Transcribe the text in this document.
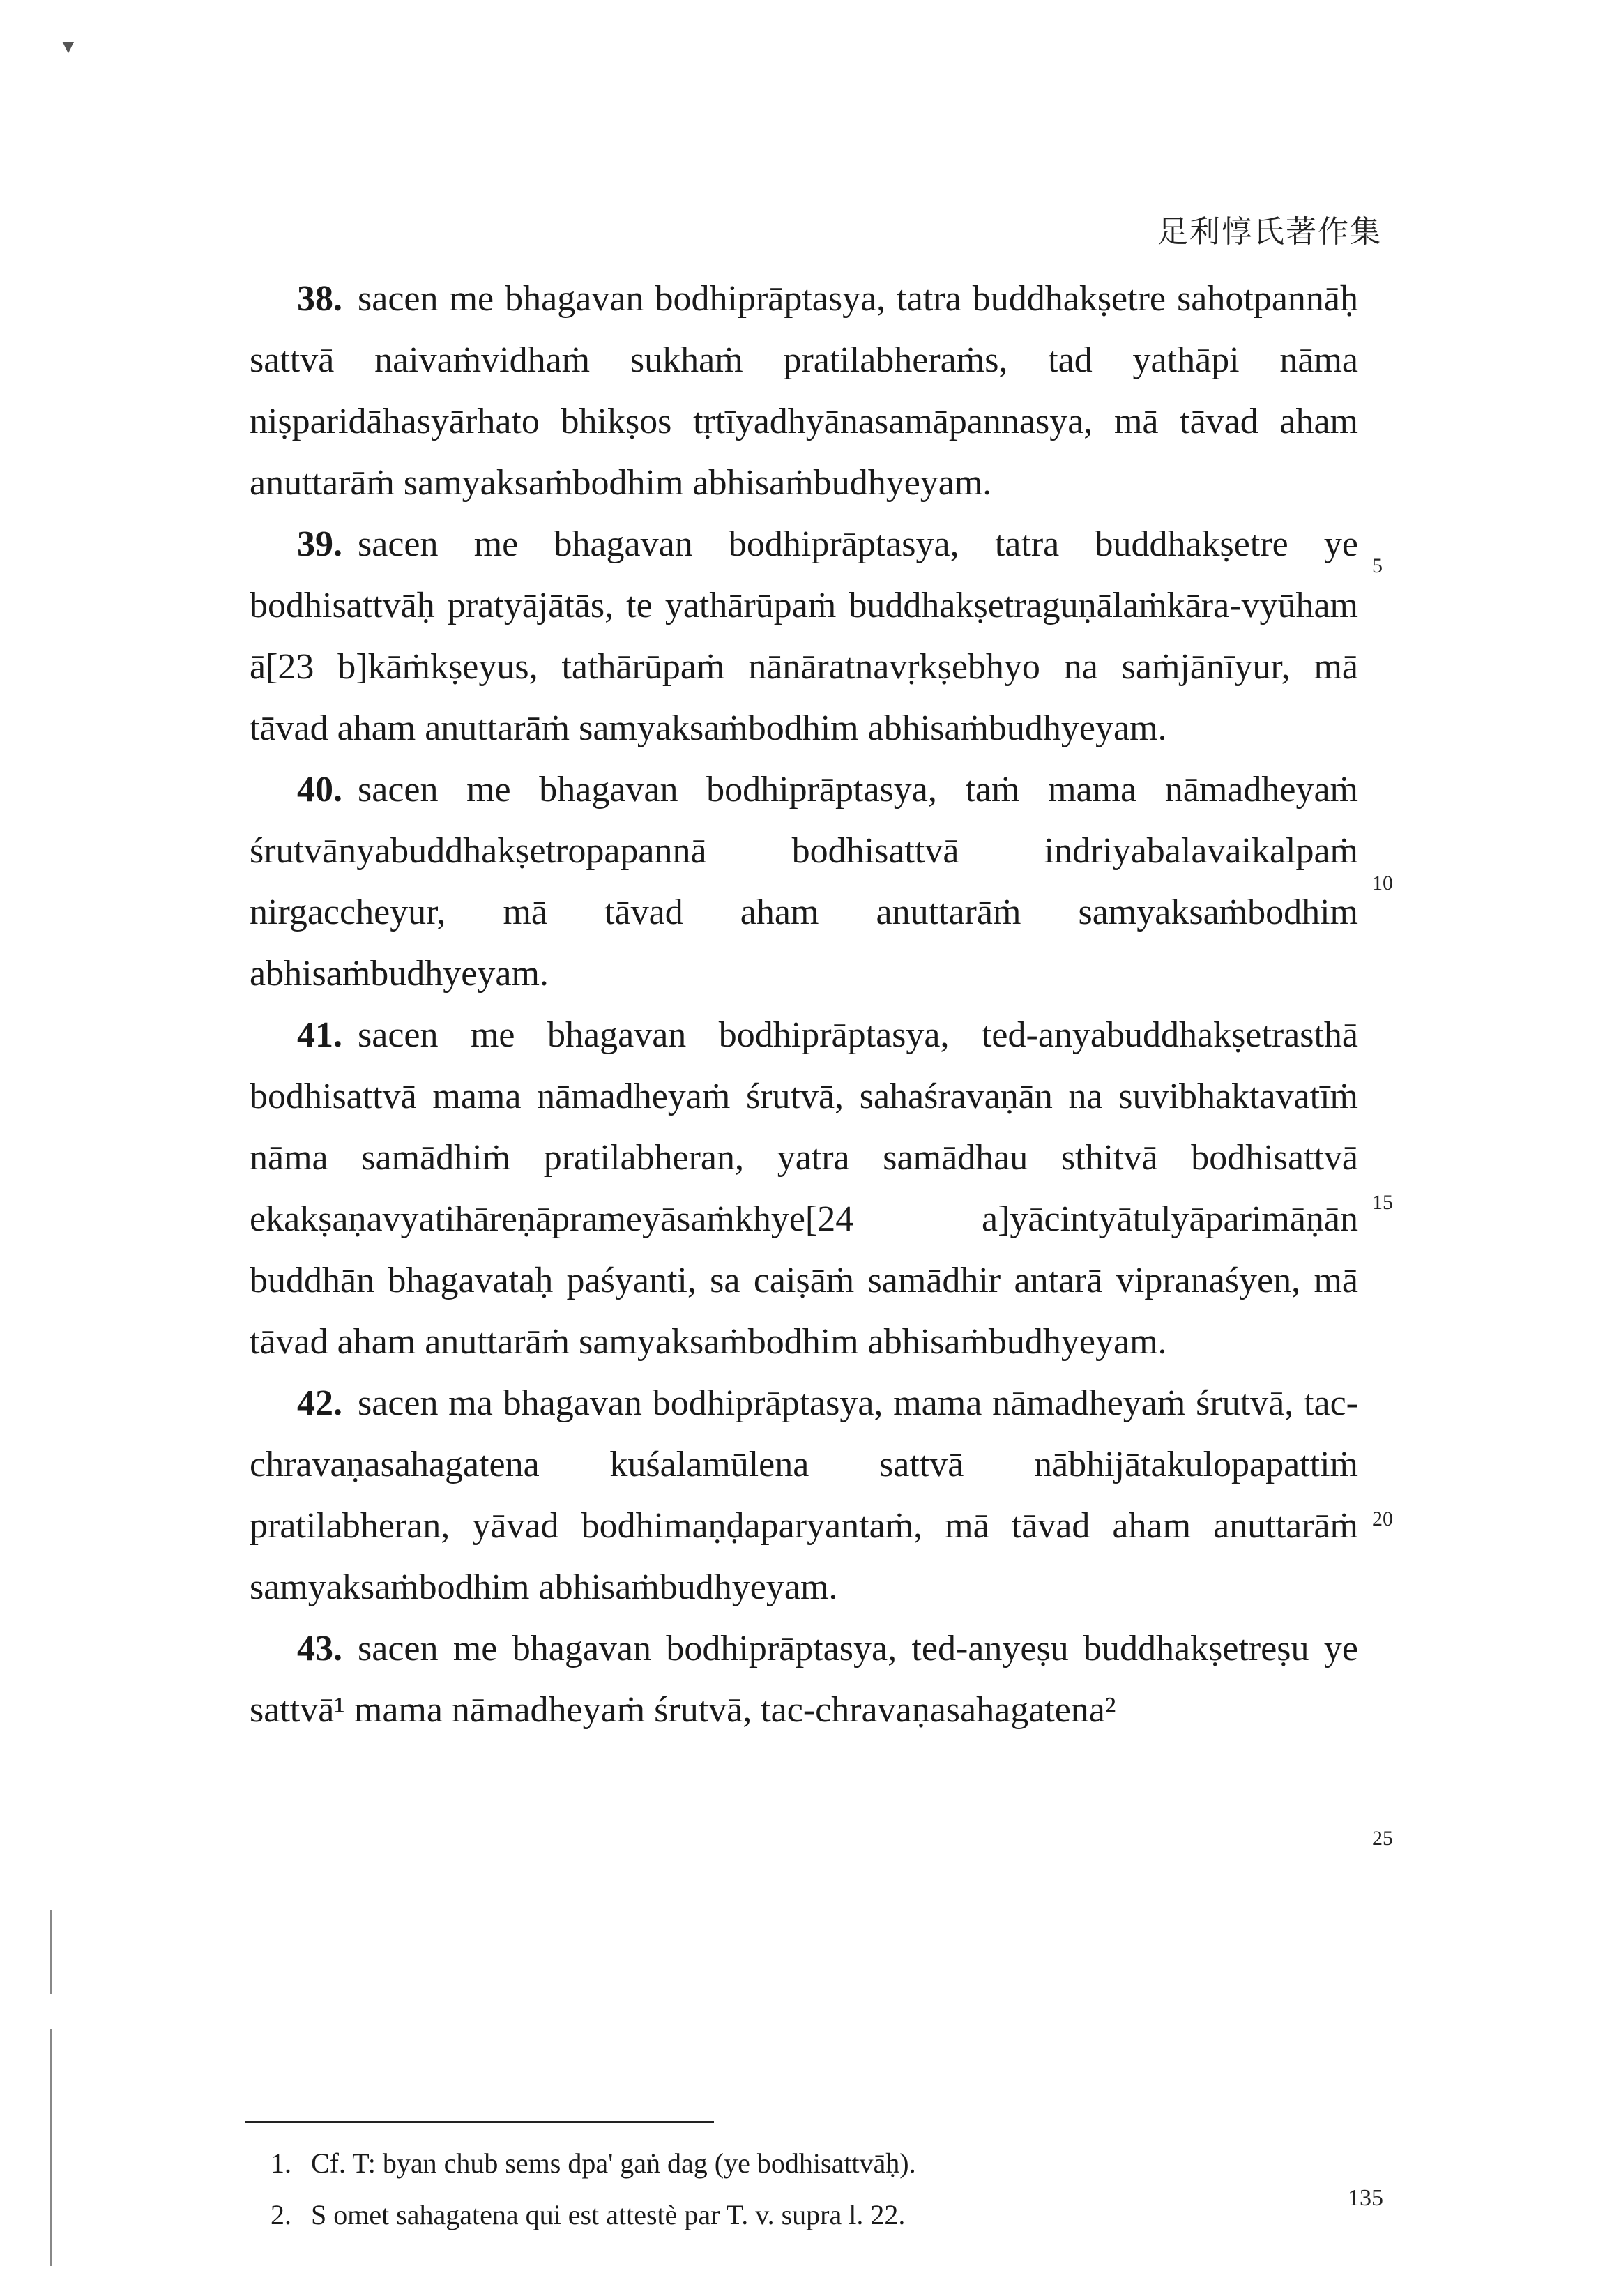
▼
足利惇氏著作集

38. sacen me bhagavan bodhiprāptasya, tatra buddhakṣetre sahotpannāḥ sattvā naivaṁvidhaṁ sukhaṁ pratilabheraṁs, tad yathāpi nāma niṣparidāhasyārhato bhikṣos tṛtīyadhyānasamāpannasya, mā tāvad aham anuttarāṁ samyaksaṁbodhim abhisaṁbudhyeyam.

39. sacen me bhagavan bodhiprāptasya, tatra buddhakṣetre ye bodhisattvāḥ pratyājātās, te yathārūpaṁ buddhakṣetraguṇālaṁkāra-vyūham ā[23 b]kāṁkṣeyus, tathārūpaṁ nānāratnavṛkṣebhyo na saṁjānīyur, mā tāvad aham anuttarāṁ samyaksaṁbodhim abhisaṁbudhyeyam.

40. sacen me bhagavan bodhiprāptasya, taṁ mama nāmadheyaṁ śrutvānyabuddhakṣetropapannā bodhisattvā indriyabalavaikalpaṁ nirgaccheyur, mā tāvad aham anuttarāṁ samyaksaṁbodhim abhisaṁbudhyeyam.

41. sacen me bhagavan bodhiprāptasya, ted-anyabuddhakṣetrasthā bodhisattvā mama nāmadheyaṁ śrutvā, sahaśravaṇān na suvibhaktavatīṁ nāma samādhiṁ pratilabheran, yatra samādhau sthitvā bodhisattvā ekakṣaṇavyatihāreṇāprameyāsaṁkhye[24 a]yācintyātulyāparimāṇān buddhān bhagavataḥ paśyanti, sa caiṣāṁ samādhir antarā vipranaśyen, mā tāvad aham anuttarāṁ samyaksaṁbodhim abhisaṁbudhyeyam.

42. sacen ma bhagavan bodhiprāptasya, mama nāmadheyaṁ śrutvā, tac-chravaṇasahagatena kuśalamūlena sattvā nābhijātakulopapattiṁ pratilabheran, yāvad bodhimaṇḍaparyantaṁ, mā tāvad aham anuttarāṁ samyaksaṁbodhim abhisaṁbudhyeyam.

43. sacen me bhagavan bodhiprāptasya, ted-anyeṣu buddhakṣetreṣu ye sattvā¹ mama nāmadheyaṁ śrutvā, tac-chravaṇasahagatena²

5
10
15
20
25
1. Cf. T: byan chub sems dpa' gaṅ dag (ye bodhisattvāḥ).
2. S omet sahagatena qui est attestè par T. v. supra l. 22.
135
